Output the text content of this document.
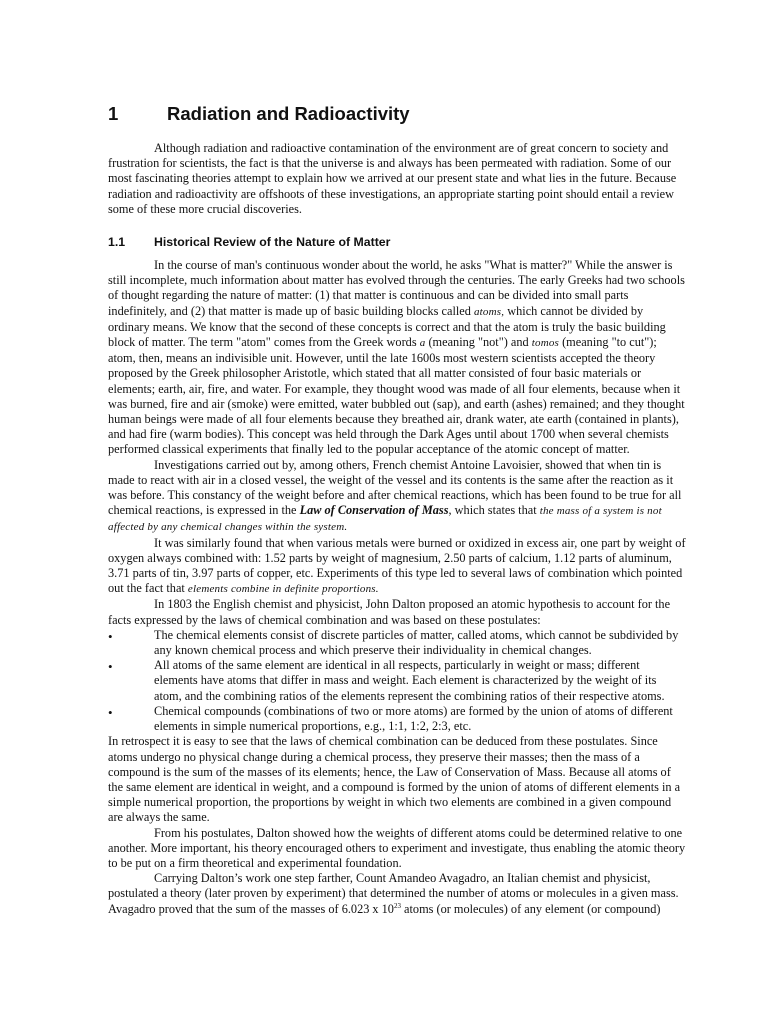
1	Radiation and Radioactivity

Although radiation and radioactive contamination of the environment are of great concern to society and frustration for scientists, the fact is that the universe is and always has been permeated with radiation. Some of our most fascinating theories attempt to explain how we arrived at our present state and what lies in the future. Because radiation and radioactivity are offshoots of these investigations, an appropriate starting point should entail a review some of these more crucial discoveries.

1.1 Historical Review of the Nature of Matter

In the course of man's continuous wonder about the world, he asks "What is matter?" While the answer is still incomplete, much information about matter has evolved through the centuries. The early Greeks had two schools of thought regarding the nature of matter: (1) that matter is continuous and can be divided into small parts indefinitely, and (2) that matter is made up of basic building blocks called atoms, which cannot be divided by ordinary means. We know that the second of these concepts is correct and that the atom is truly the basic building block of matter. The term "atom" comes from the Greek words a (meaning "not") and tomos (meaning "to cut"); atom, then, means an indivisible unit. However, until the late 1600s most western scientists accepted the theory proposed by the Greek philosopher Aristotle, which stated that all matter consisted of four basic materials or elements; earth, air, fire, and water. For example, they thought wood was made of all four elements, because when it was burned, fire and air (smoke) were emitted, water bubbled out (sap), and earth (ashes) remained; and they thought human beings were made of all four elements because they breathed air, drank water, ate earth (contained in plants), and had fire (warm bodies). This concept was held through the Dark Ages until about 1700 when several chemists performed classical experiments that finally led to the popular acceptance of the atomic concept of matter.

Investigations carried out by, among others, French chemist Antoine Lavoisier, showed that when tin is made to react with air in a closed vessel, the weight of the vessel and its contents is the same after the reaction as it was before. This constancy of the weight before and after chemical reactions, which has been found to be true for all chemical reactions, is expressed in the Law of Conservation of Mass, which states that the mass of a system is not affected by any chemical changes within the system.

It was similarly found that when various metals were burned or oxidized in excess air, one part by weight of oxygen always combined with: 1.52 parts by weight of magnesium, 2.50 parts of calcium, 1.12 parts of aluminum, 3.71 parts of tin, 3.97 parts of copper, etc. Experiments of this type led to several laws of combination which pointed out the fact that elements combine in definite proportions.

In 1803 the English chemist and physicist, John Dalton proposed an atomic hypothesis to account for the facts expressed by the laws of chemical combination and was based on these postulates:

•	The chemical elements consist of discrete particles of matter, called atoms, which cannot be subdivided by any known chemical process and which preserve their individuality in chemical changes.
•	All atoms of the same element are identical in all respects, particularly in weight or mass; different elements have atoms that differ in mass and weight. Each element is characterized by the weight of its atom, and the combining ratios of the elements represent the combining ratios of their respective atoms.
•	Chemical compounds (combinations of two or more atoms) are formed by the union of atoms of different elements in simple numerical proportions, e.g., 1:1, 1:2, 2:3, etc.

In retrospect it is easy to see that the laws of chemical combination can be deduced from these postulates. Since atoms undergo no physical change during a chemical process, they preserve their masses; then the mass of a compound is the sum of the masses of its elements; hence, the Law of Conservation of Mass. Because all atoms of the same element are identical in weight, and a compound is formed by the union of atoms of different elements in a simple numerical proportion, the proportions by weight in which two elements are combined in a given compound are always the same.

From his postulates, Dalton showed how the weights of different atoms could be determined relative to one another. More important, his theory encouraged others to experiment and investigate, thus enabling the atomic theory to be put on a firm theoretical and experimental foundation.

Carrying Dalton’s work one step farther, Count Amandeo Avagadro, an Italian chemist and physicist, postulated a theory (later proven by experiment) that determined the number of atoms or molecules in a given mass. Avagadro proved that the sum of the masses of 6.023 x $10^{23}$ atoms (or molecules) of any element (or compound)
